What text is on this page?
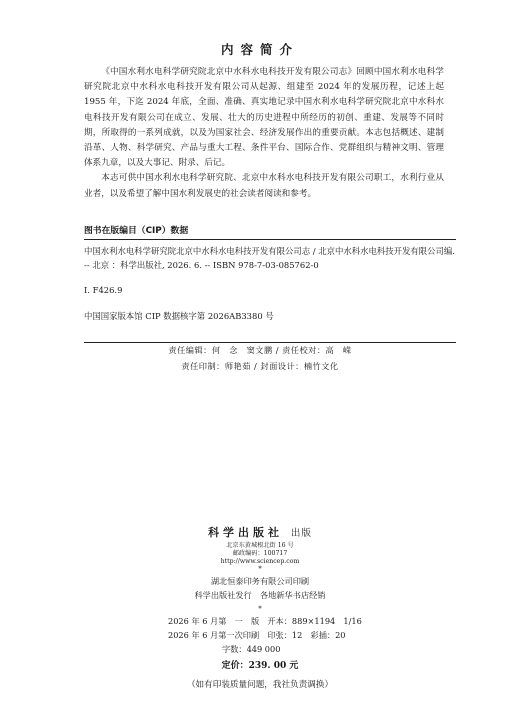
内容简介

《中国水利水电科学研究院北京中水科水电科技开发有限公司志》回顾中国水利水电科学研究院北京中水科水电科技开发有限公司从起源、组建至 2024 年的发展历程，记述上起 1955 年，下迄 2024 年底，全面、准确、真实地记录中国水利水电科学研究院北京中水科水电科技开发有限公司在成立、发展、壮大的历史进程中所经历的初创、重建、发展等不同时期，所取得的一系列成就，以及为国家社会、经济发展作出的重要贡献。本志包括概述、建制沿革、人物、科学研究、产品与重大工程、条件平台、国际合作、党群组织与精神文明、管理体系九章，以及大事记、附录、后记。

本志可供中国水利水电科学研究院、北京中水科水电科技开发有限公司职工，水利行业从业者，以及希望了解中国水利发展史的社会读者阅读和参考。

图书在版编目（CIP）数据
中国水利水电科学研究院北京中水科水电科技开发有限公司志 / 北京中水科水电科技开发有限公司编. -- 北京 ：科学出版社, 2026. 6. -- ISBN 978-7-03-085762-0
Ⅰ. F426.9
中国国家版本馆 CIP 数据核字第 2026AB3380 号
责任编辑：何　念　窦文鹏 / 责任校对：高　嵘
责任印制：师艳茹 / 封面设计：楠竹文化
科学出版社 出版
北京东黄城根北街 16 号
邮政编码：100717
http://www.sciencep.com
*
湖北恒泰印务有限公司印刷
科学出版社发行　各地新华书店经销
*
2026 年 6 月第　一　版　开本：889×1194　1/16
2026 年 6 月第一次印刷　印张：12　彩插：20
字数：449 000
定价：239. 00 元
（如有印装质量问题，我社负责调换）
